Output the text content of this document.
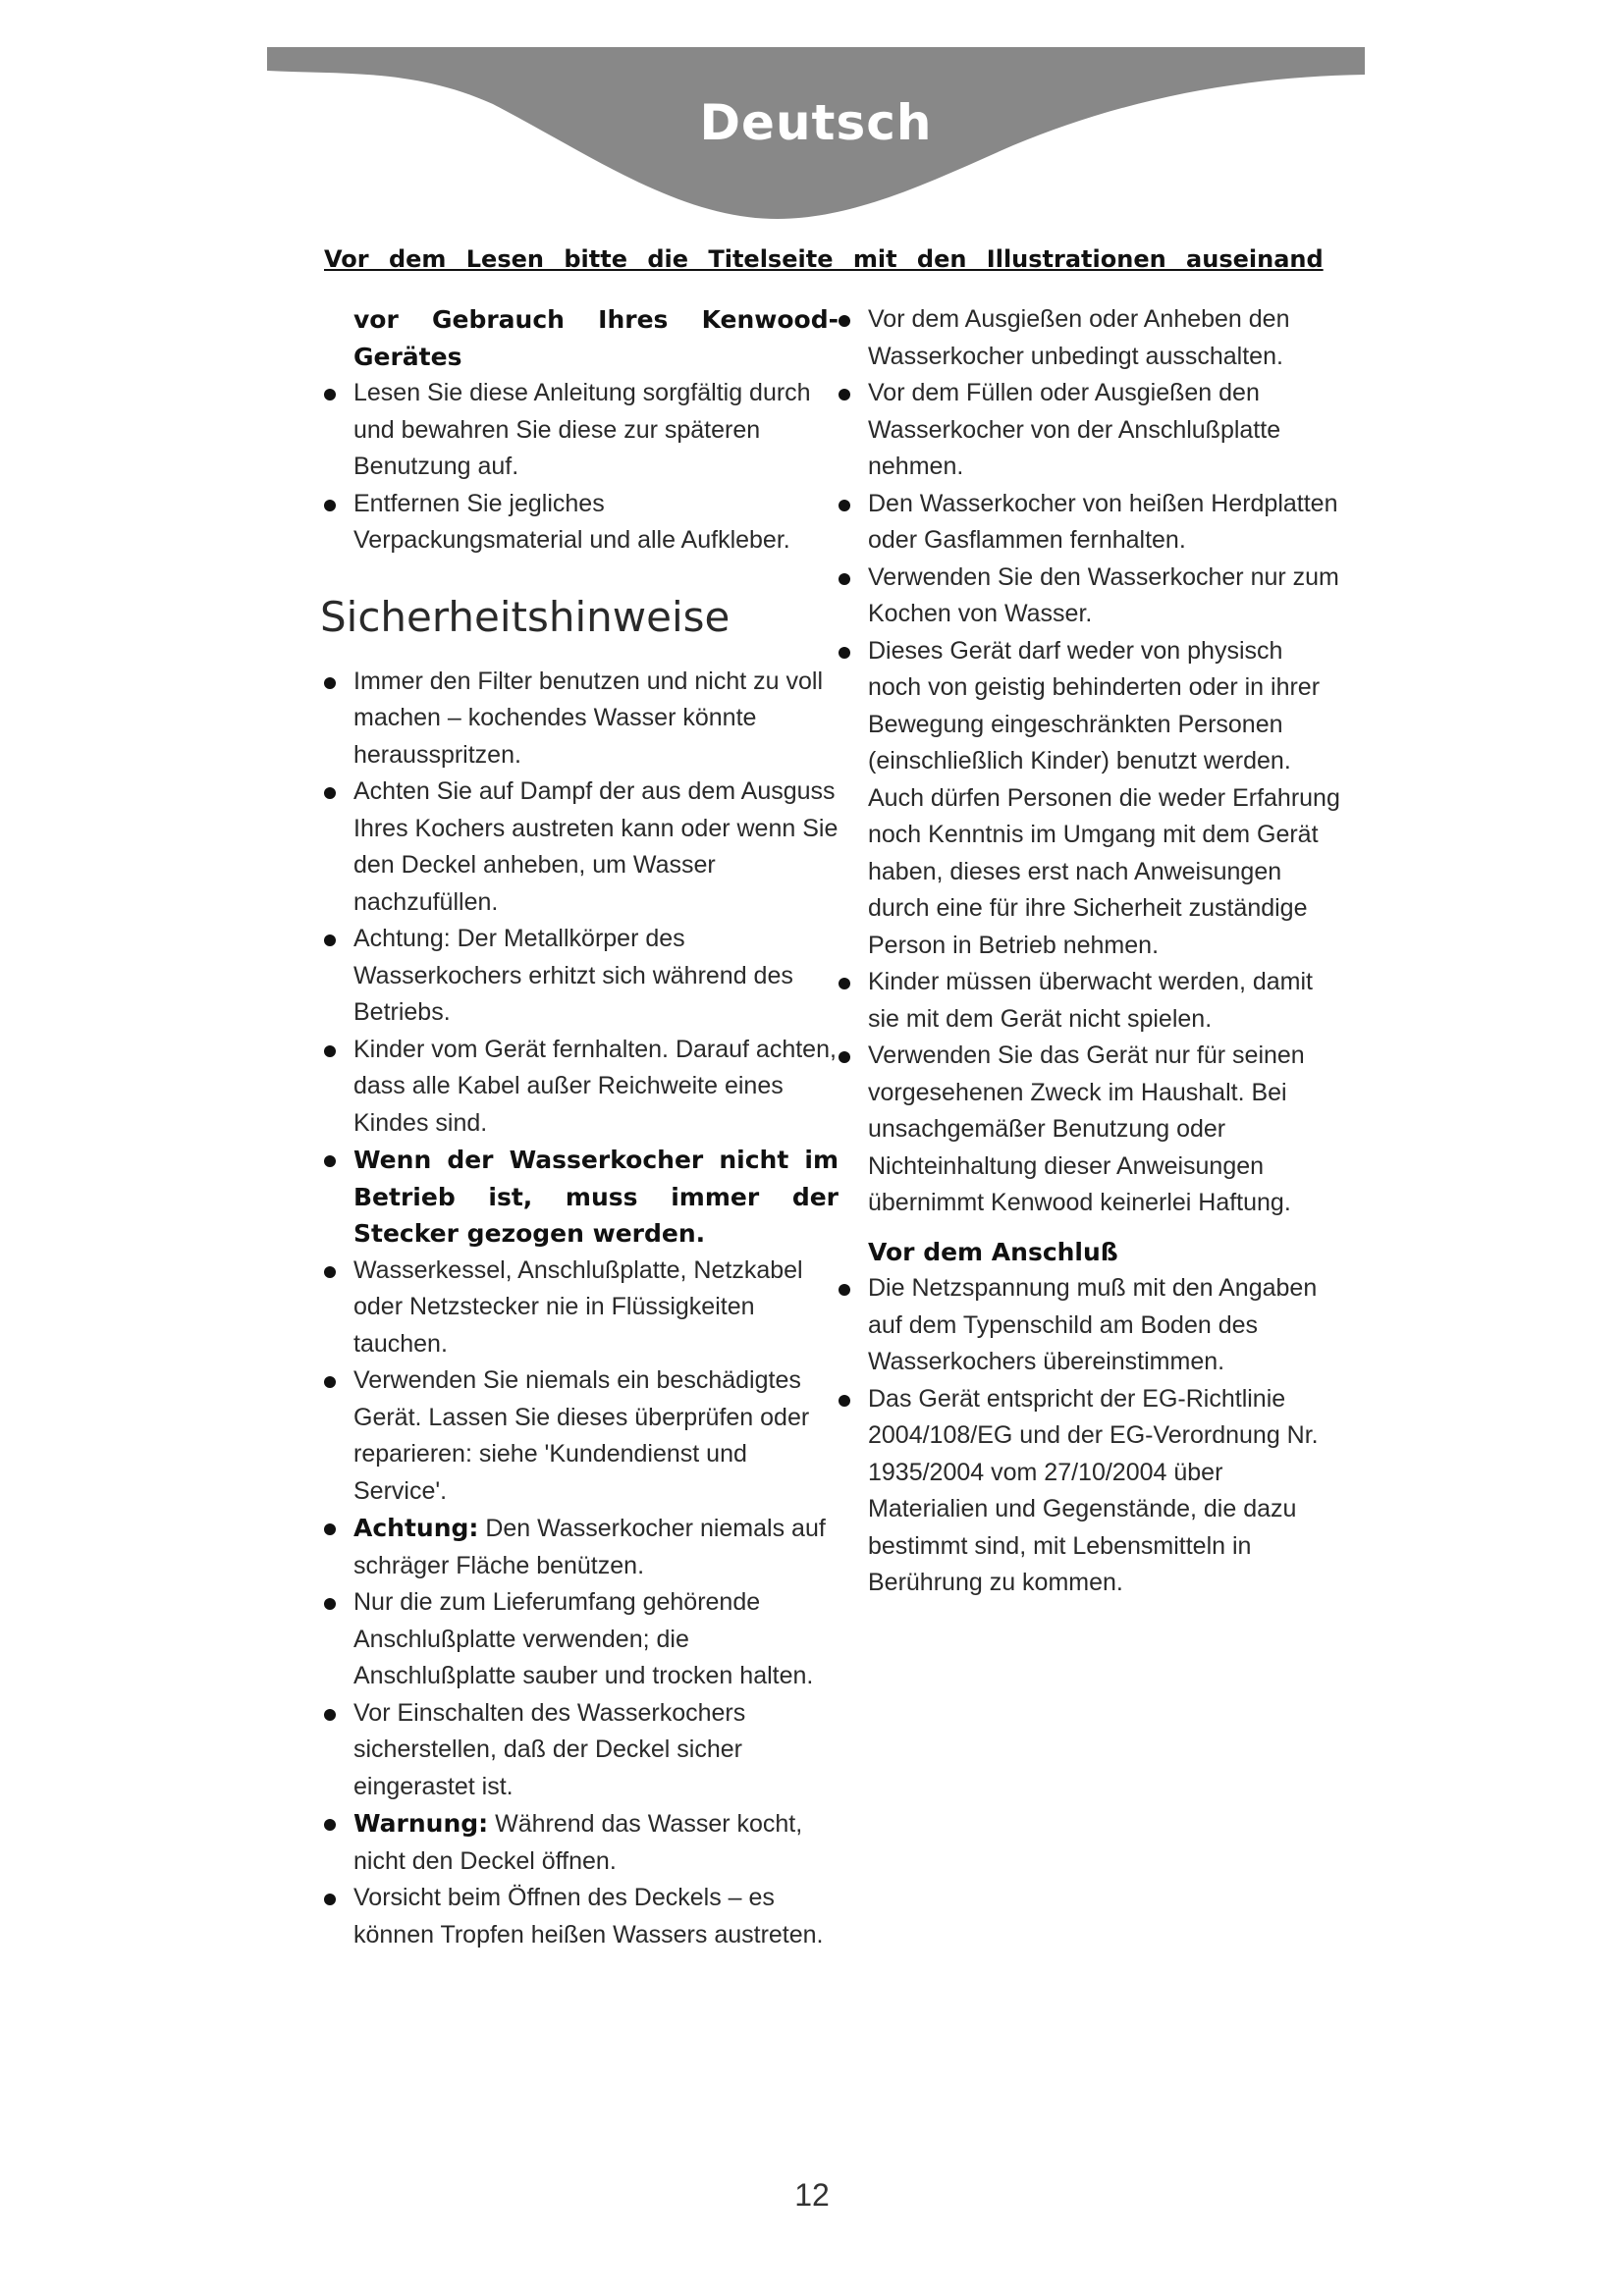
Deutsch
Vor dem Lesen bitte die Titelseite mit den Illustrationen auseinand
vor Gebrauch Ihres Kenwood-Gerätes
Lesen Sie diese Anleitung sorgfältig durch und bewahren Sie diese zur späteren Benutzung auf.
Entfernen Sie jegliches Verpackungsmaterial und alle Aufkleber.
Sicherheitshinweise
Immer den Filter benutzen und nicht zu voll machen – kochendes Wasser könnte herausspritzen.
Achten Sie auf Dampf der aus dem Ausguss Ihres Kochers austreten kann oder wenn Sie den Deckel anheben, um Wasser nachzufüllen.
Achtung: Der Metallkörper des Wasserkochers erhitzt sich während des Betriebs.
Kinder vom Gerät fernhalten. Darauf achten, dass alle Kabel außer Reichweite eines Kindes sind.
Wenn der Wasserkocher nicht im Betrieb ist, muss immer der Stecker gezogen werden.
Wasserkessel, Anschlußplatte, Netzkabel oder Netzstecker nie in Flüssigkeiten tauchen.
Verwenden Sie niemals ein beschädigtes Gerät. Lassen Sie dieses überprüfen oder reparieren: siehe 'Kundendienst und Service'.
Achtung: Den Wasserkocher niemals auf schräger Fläche benützen.
Nur die zum Lieferumfang gehörende Anschlußplatte verwenden; die Anschlußplatte sauber und trocken halten.
Vor Einschalten des Wasserkochers sicherstellen, daß der Deckel sicher eingerastet ist.
Warnung: Während das Wasser kocht, nicht den Deckel öffnen.
Vorsicht beim Öffnen des Deckels – es können Tropfen heißen Wassers austreten.
Vor dem Ausgießen oder Anheben den Wasserkocher unbedingt ausschalten.
Vor dem Füllen oder Ausgießen den Wasserkocher von der Anschlußplatte nehmen.
Den Wasserkocher von heißen Herdplatten oder Gasflammen fernhalten.
Verwenden Sie den Wasserkocher nur zum Kochen von Wasser.
Dieses Gerät darf weder von physisch noch von geistig behinderten oder in ihrer Bewegung eingeschränkten Personen (einschließlich Kinder) benutzt werden. Auch dürfen Personen die weder Erfahrung noch Kenntnis im Umgang mit dem Gerät haben, dieses erst nach Anweisungen durch eine für ihre Sicherheit zuständige Person in Betrieb nehmen.
Kinder müssen überwacht werden, damit sie mit dem Gerät nicht spielen.
Verwenden Sie das Gerät nur für seinen vorgesehenen Zweck im Haushalt. Bei unsachgemäßer Benutzung oder Nichteinhaltung dieser Anweisungen übernimmt Kenwood keinerlei Haftung.
Vor dem Anschluß
Die Netzspannung muß mit den Angaben auf dem Typenschild am Boden des Wasserkochers übereinstimmen.
Das Gerät entspricht der EG-Richtlinie 2004/108/EG und der EG-Verordnung Nr. 1935/2004 vom 27/10/2004 über Materialien und Gegenstände, die dazu bestimmt sind, mit Lebensmitteln in Berührung zu kommen.
12
